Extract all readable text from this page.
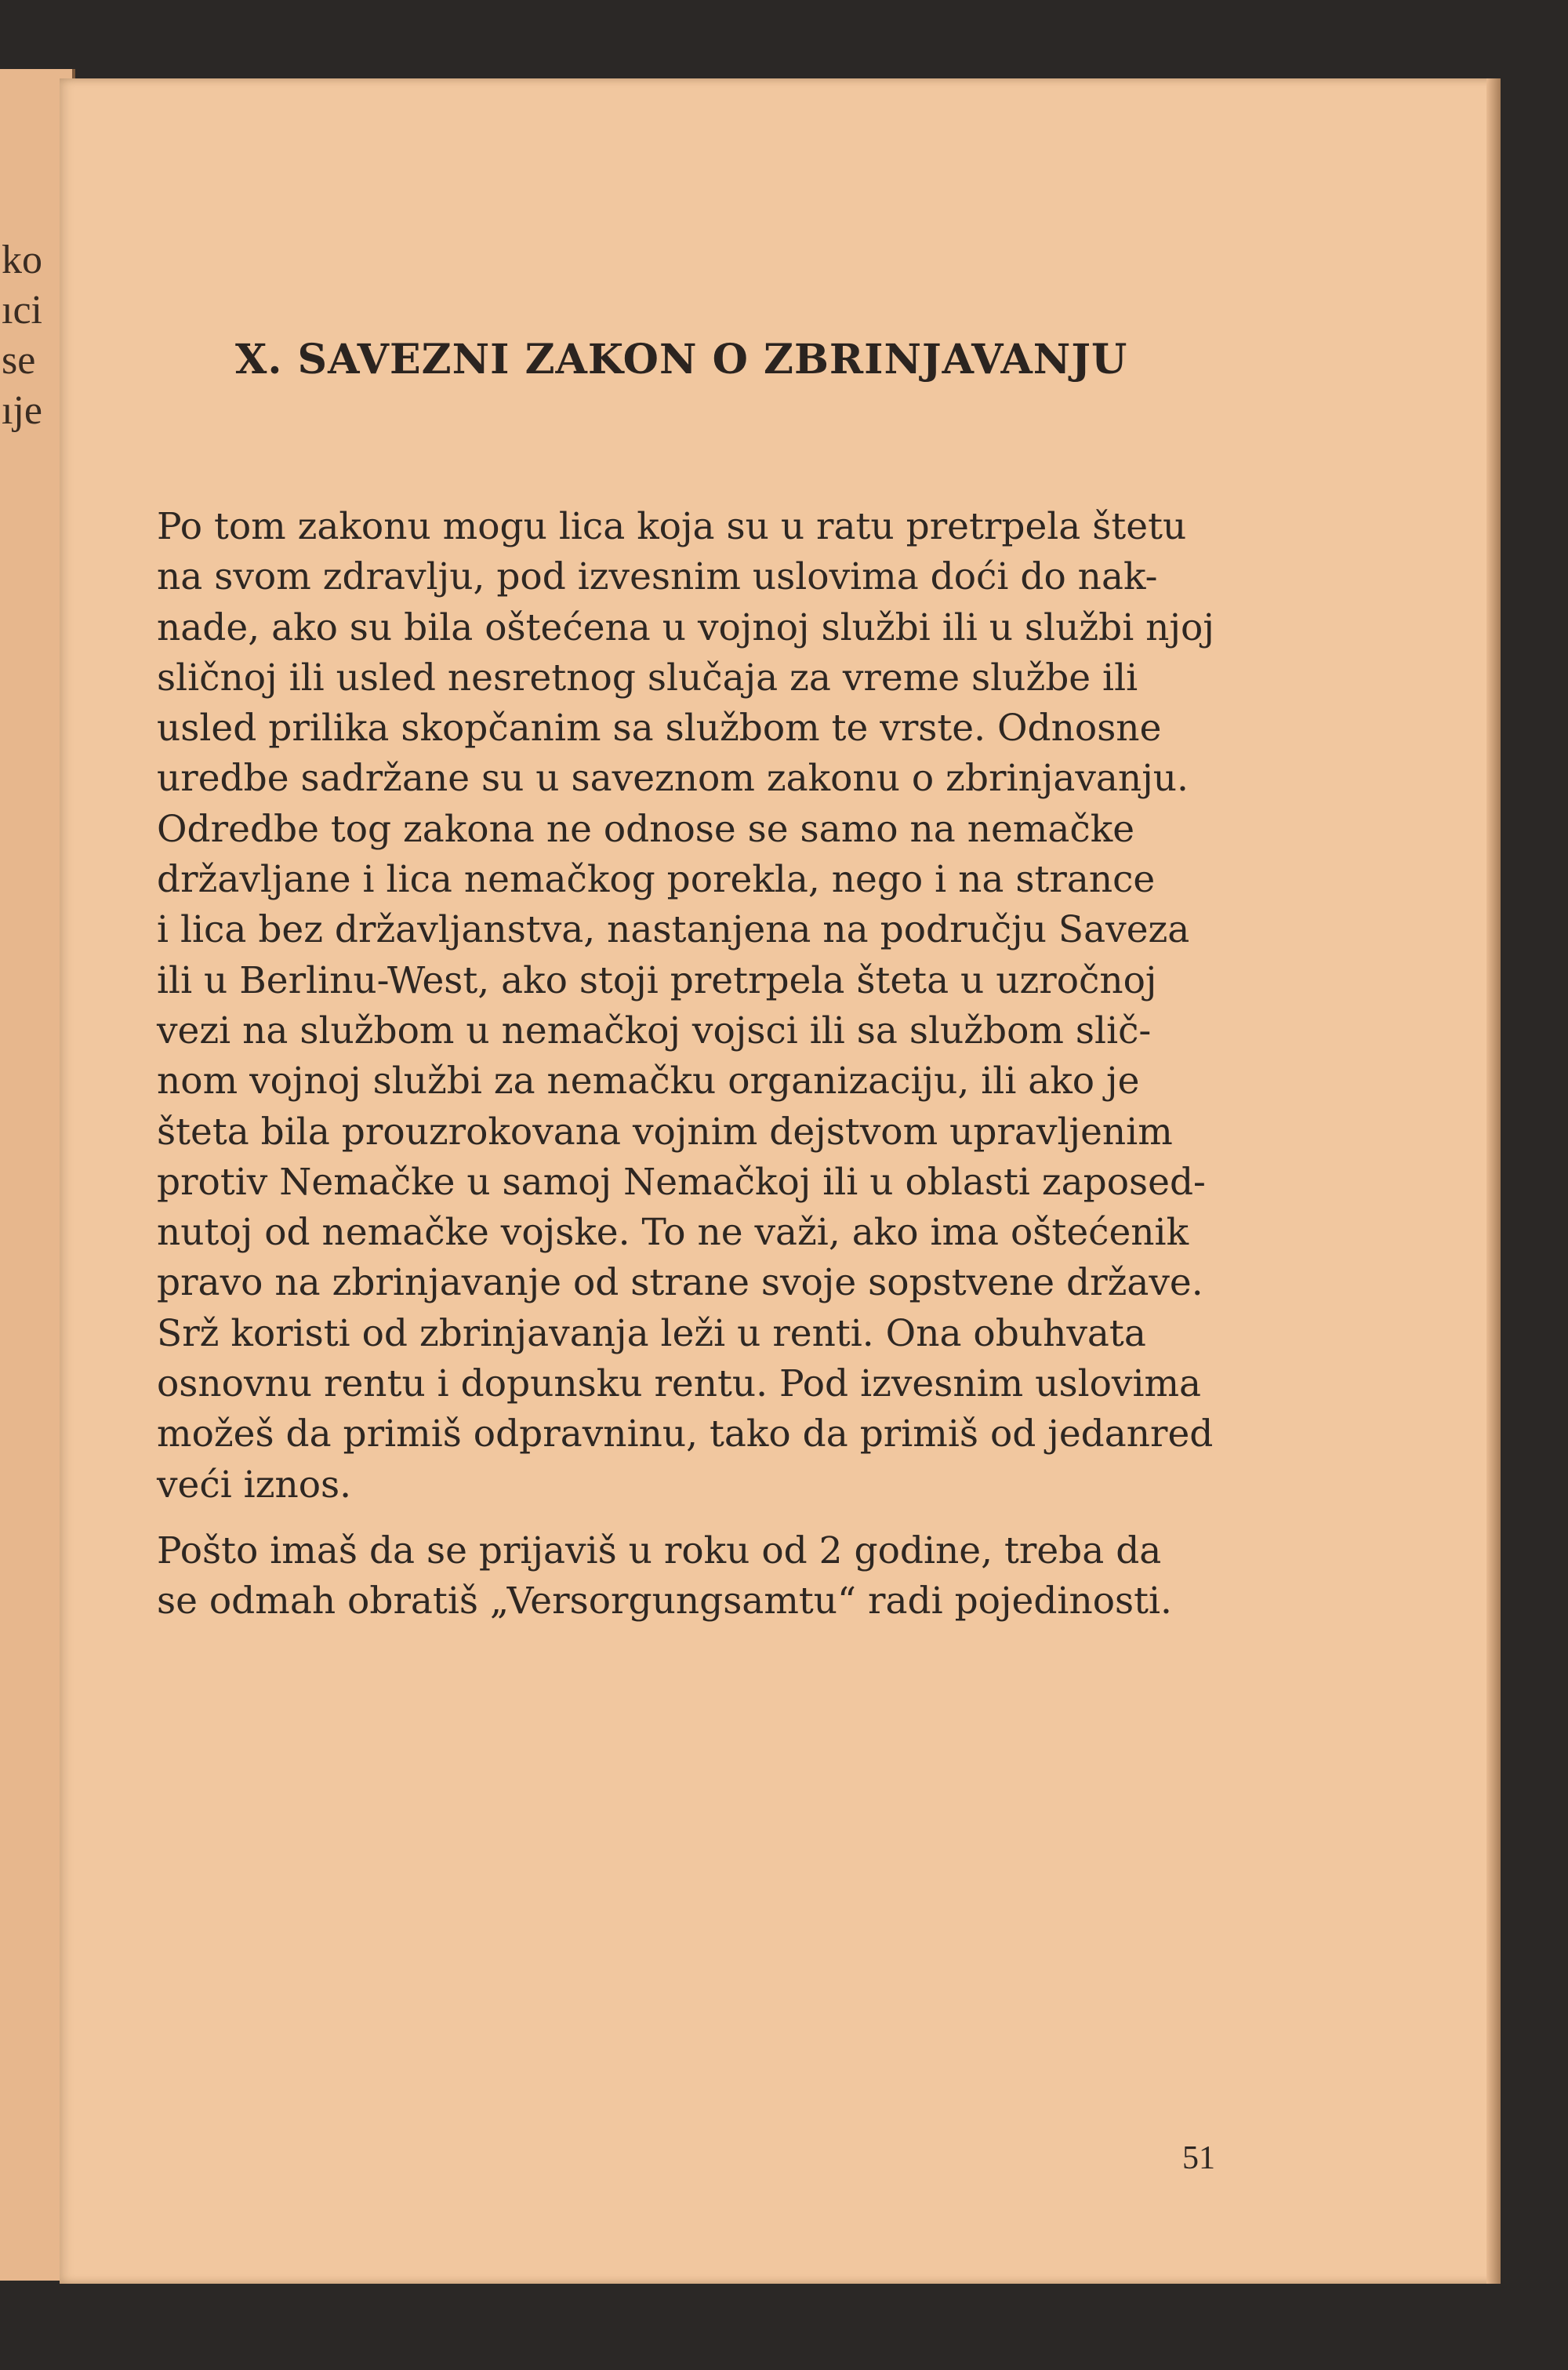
ko
ıci
se
ıje
X. SAVEZNI ZAKON O ZBRINJAVANJU

Po tom zakonu mogu lica koja su u ratu pretrpela štetu
na svom zdravlju, pod izvesnim uslovima doći do nak-
nade, ako su bila oštećena u vojnoj službi ili u službi njoj
sličnoj ili usled nesretnog slučaja za vreme službe ili
usled prilika skopčanim sa službom te vrste. Odnosne
uredbe sadržane su u saveznom zakonu o zbrinjavanju.
Odredbe tog zakona ne odnose se samo na nemačke
državljane i lica nemačkog porekla, nego i na strance
i lica bez državljanstva, nastanjena na području Saveza
ili u Berlinu-West, ako stoji pretrpela šteta u uzročnoj
vezi na službom u nemačkoj vojsci ili sa službom slič-
nom vojnoj službi za nemačku organizaciju, ili ako je
šteta bila prouzrokovana vojnim dejstvom upravljenim
protiv Nemačke u samoj Nemačkoj ili u oblasti zaposed-
nutoj od nemačke vojske. To ne važi, ako ima oštećenik
pravo na zbrinjavanje od strane svoje sopstvene države.
Srž koristi od zbrinjavanja leži u renti. Ona obuhvata
osnovnu rentu i dopunsku rentu. Pod izvesnim uslovima
možeš da primiš odpravninu, tako da primiš od jedanred
veći iznos.

Pošto imaš da se prijaviš u roku od 2 godine, treba da
se odmah obratiš „Versorgungsamtu“ radi pojedinosti.

51
